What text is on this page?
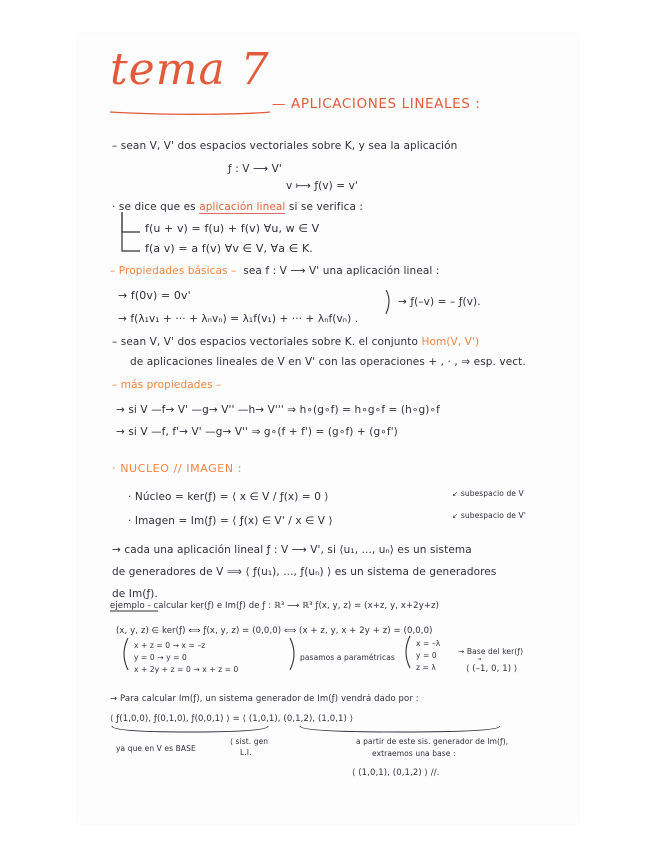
tema 7
— APLICACIONES LINEALES :
– sean V, V' dos espacios vectoriales sobre K, y sea la aplicación
ƒ : V ⟶ V'
v ⟼ ƒ(v) = v'
· se dice que es aplicación lineal si se verifica :
f(u + v) = f(u) + f(v) ∀u, w ∈ V
f(a v) = a f(v) ∀v ∈ V, ∀a ∈ K.
– Propiedades básicas – sea f : V ⟶ V' una aplicación lineal :
→ f(0v) = 0v'	→ ƒ(–v) = – ƒ(v).
→ f(λ₁v₁ + ··· + λₙvₙ) = λ₁f(v₁) + ··· + λₙf(vₙ) .
– sean V, V' dos espacios vectoriales sobre K. el conjunto Hom(V, V')
de aplicaciones lineales de V en V' con las operaciones + , · , ⇒ esp. vect.
– más propiedades –
→ si V —f→ V' —g→ V'' —h→ V''' ⇒ h∘(g∘f) = h∘g∘f = (h∘g)∘f
→ si V —f, f'→ V' —g→ V'' ⇒ g∘(f + f') = (g∘f) + (g∘f')
· NUCLEO // IMAGEN :
· Núcleo = ker(ƒ) = ⟨ x ∈ V / ƒ(x) = 0 ⟩	↙ subespacio de V
· Imagen = Im(ƒ) = ⟨ ƒ(x) ∈ V' / x ∈ V ⟩	↙ subespacio de V'
→ cada una aplicación lineal ƒ : V ⟶ V', si ⟨u₁, ..., uₙ⟩ es un sistema
de generadores de V ⟹ ⟨ ƒ(u₁), ..., ƒ(uₙ) ⟩ es un sistema de generadores
de Im(ƒ).
ejemplo - calcular ker(ƒ) e Im(ƒ) de ƒ : ℝ³ ⟶ ℝ³ ƒ(x, y, z) = (x+z, y, x+2y+z)
(x, y, z) ∈ ker(ƒ) ⟺ ƒ(x, y, z) = (0,0,0) ⟺ (x + z, y, x + 2y + z) = (0,0,0)
x + z = 0 → x = –z
y = 0 → y = 0
x + 2y + z = 0 → x + z = 0
pasamos a paramétricas
x = –λ
y = 0
z = λ
→ Base del ker(ƒ)
"
⟨ (–1, 0, 1) ⟩
→ Para calcular Im(ƒ), un sistema generador de Im(ƒ) vendrá dado por :
⟨ ƒ(1,0,0), ƒ(0,1,0), ƒ(0,0,1) ⟩ = ⟨ (1,0,1), (0,1,2), (1,0,1) ⟩
ya que en V es BASE
⟨ sist. gen
L.I.
a partir de este sis. generador de Im(ƒ),
extraemos una base :
⟨ (1,0,1), (0,1,2) ⟩ //.
